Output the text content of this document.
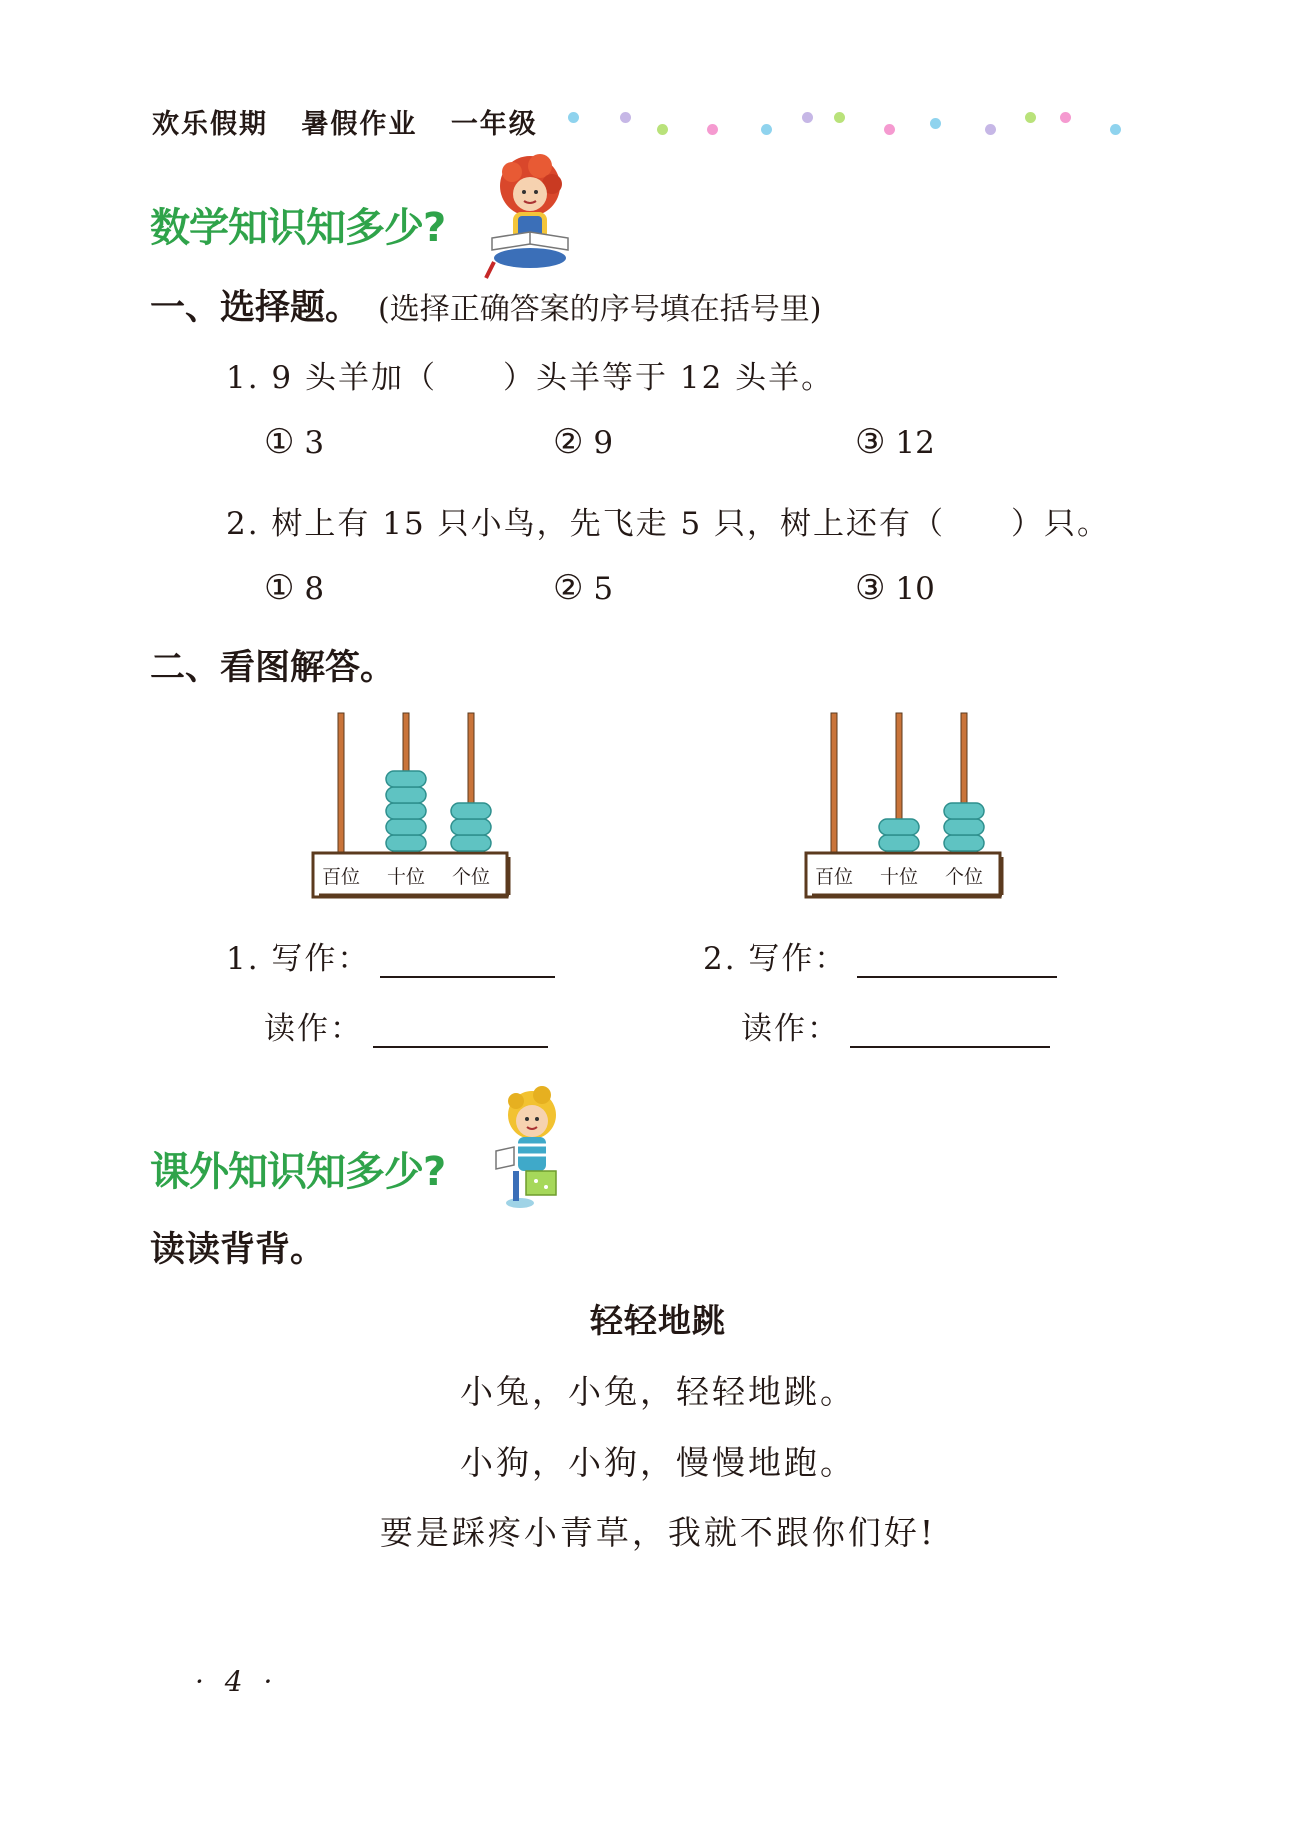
欢乐假期 暑假作业 一年级
数学知识知多少?
一、选择题。 (选择正确答案的序号填在括号里)
1. 9 头羊加（　　）头羊等于 12 头羊。
① 3	② 9	③ 12
2. 树上有 15 只小鸟，先飞走 5 只，树上还有（　　）只。
① 8	② 5	③ 10
二、看图解答。
百位 十位 个位	百位 十位 个位
1. 写作：
读作：
2. 写作：
读作：
课外知识知多少?
读读背背。
轻轻地跳
小兔，小兔，轻轻地跳。
小狗，小狗，慢慢地跑。
要是踩疼小青草，我就不跟你们好!
· 4 ·
